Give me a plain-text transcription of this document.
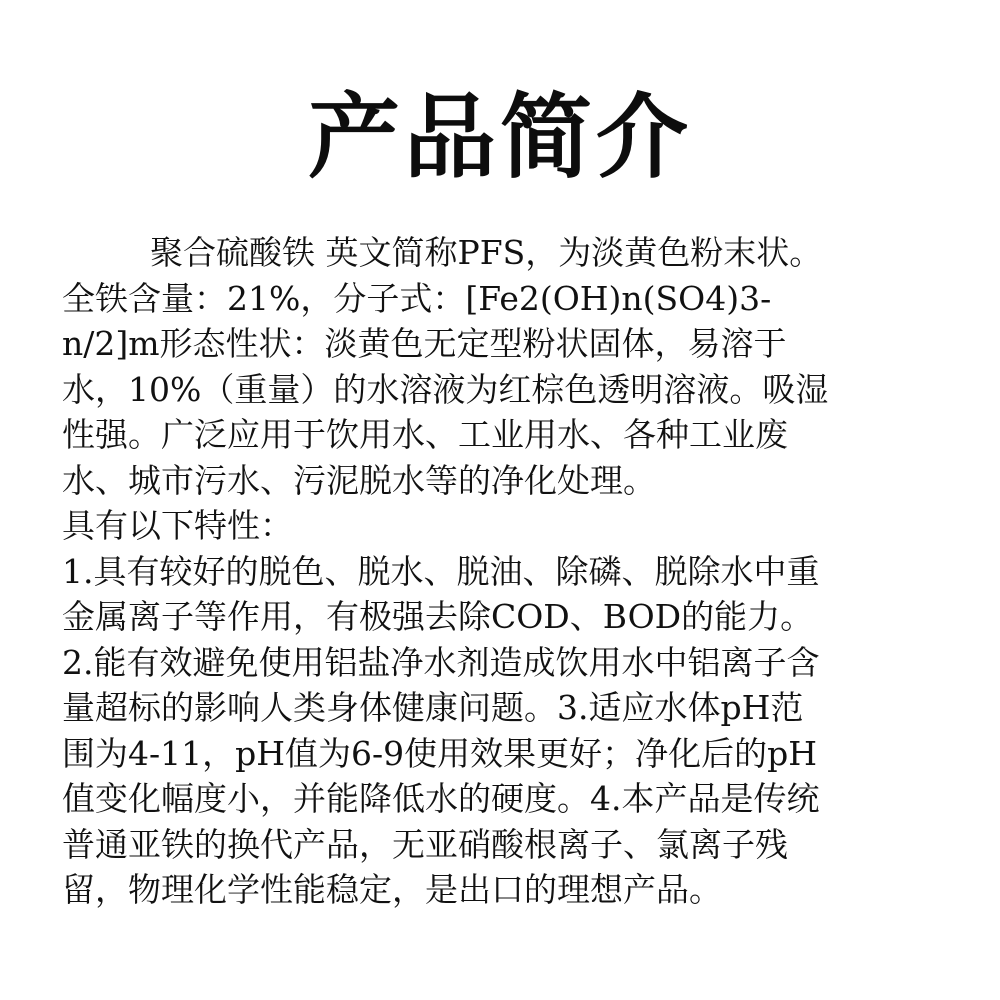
产品简介
聚合硫酸铁 英文简称PFS，为淡黄色粉末状。
全铁含量：21%，分子式：[Fe2(OH)n(SO4)3-
n/2]m形态性状：淡黄色无定型粉状固体，易溶于
水，10%（重量）的水溶液为红棕色透明溶液。吸湿
性强。广泛应用于饮用水、工业用水、各种工业废
水、城市污水、污泥脱水等的净化处理。
具有以下特性：
1.具有较好的脱色、脱水、脱油、除磷、脱除水中重
金属离子等作用，有极强去除COD、BOD的能力。
2.能有效避免使用铝盐净水剂造成饮用水中铝离子含
量超标的影响人类身体健康问题。3.适应水体pH范
围为4-11，pH值为6-9使用效果更好；净化后的pH
值变化幅度小，并能降低水的硬度。4.本产品是传统
普通亚铁的换代产品，无亚硝酸根离子、氯离子残
留，物理化学性能稳定，是出口的理想产品。
